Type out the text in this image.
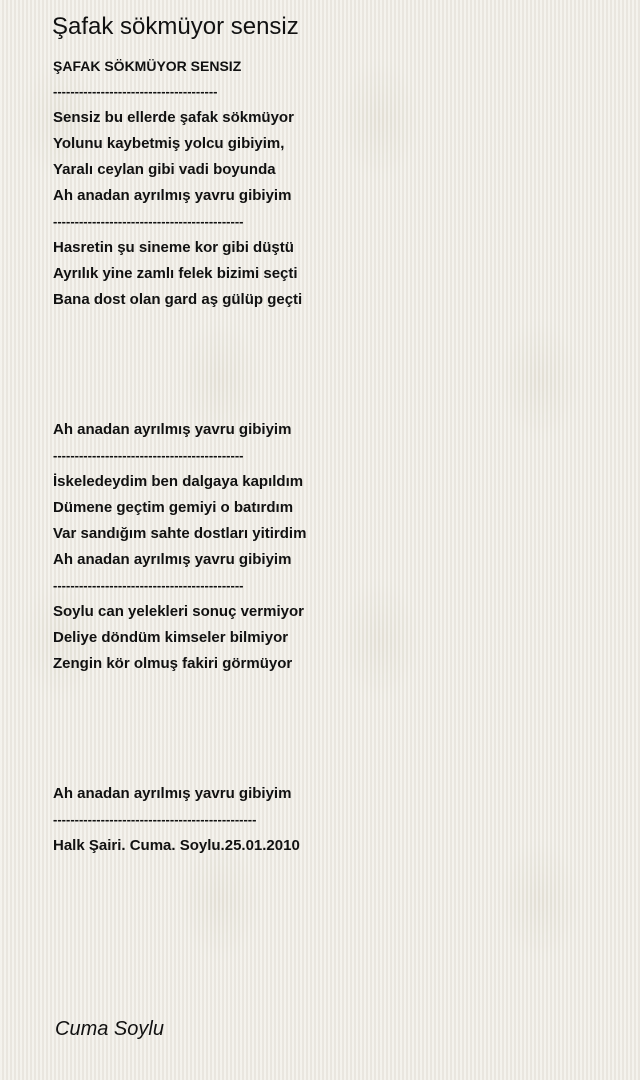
Şafak sökmüyor sensiz
ŞAFAK SÖKMÜYOR SENSIZ
--------------------------------------
Sensiz bu ellerde şafak sökmüyor
Yolunu kaybetmiş yolcu gibiyim,
Yaralı ceylan gibi vadi boyunda
Ah anadan ayrılmış yavru gibiyim
--------------------------------------------
Hasretin şu sineme kor gibi düştü
Ayrılık yine zamlı felek bizimi seçti
Bana dost olan gard aş gülüp geçti
Ah anadan ayrılmış yavru gibiyim
--------------------------------------------
İskeledeydim ben dalgaya kapıldım
Dümene geçtim gemiyi o batırdım
Var sandığım sahte dostları yitirdim
Ah anadan ayrılmış yavru gibiyim
--------------------------------------------
Soylu can yelekleri sonuç vermiyor
Deliye döndüm kimseler bilmiyor
Zengin kör olmuş fakiri görmüyor
Ah anadan ayrılmış yavru gibiyim
-----------------------------------------------
Halk Şairi. Cuma. Soylu.25.01.2010
Cuma Soylu
